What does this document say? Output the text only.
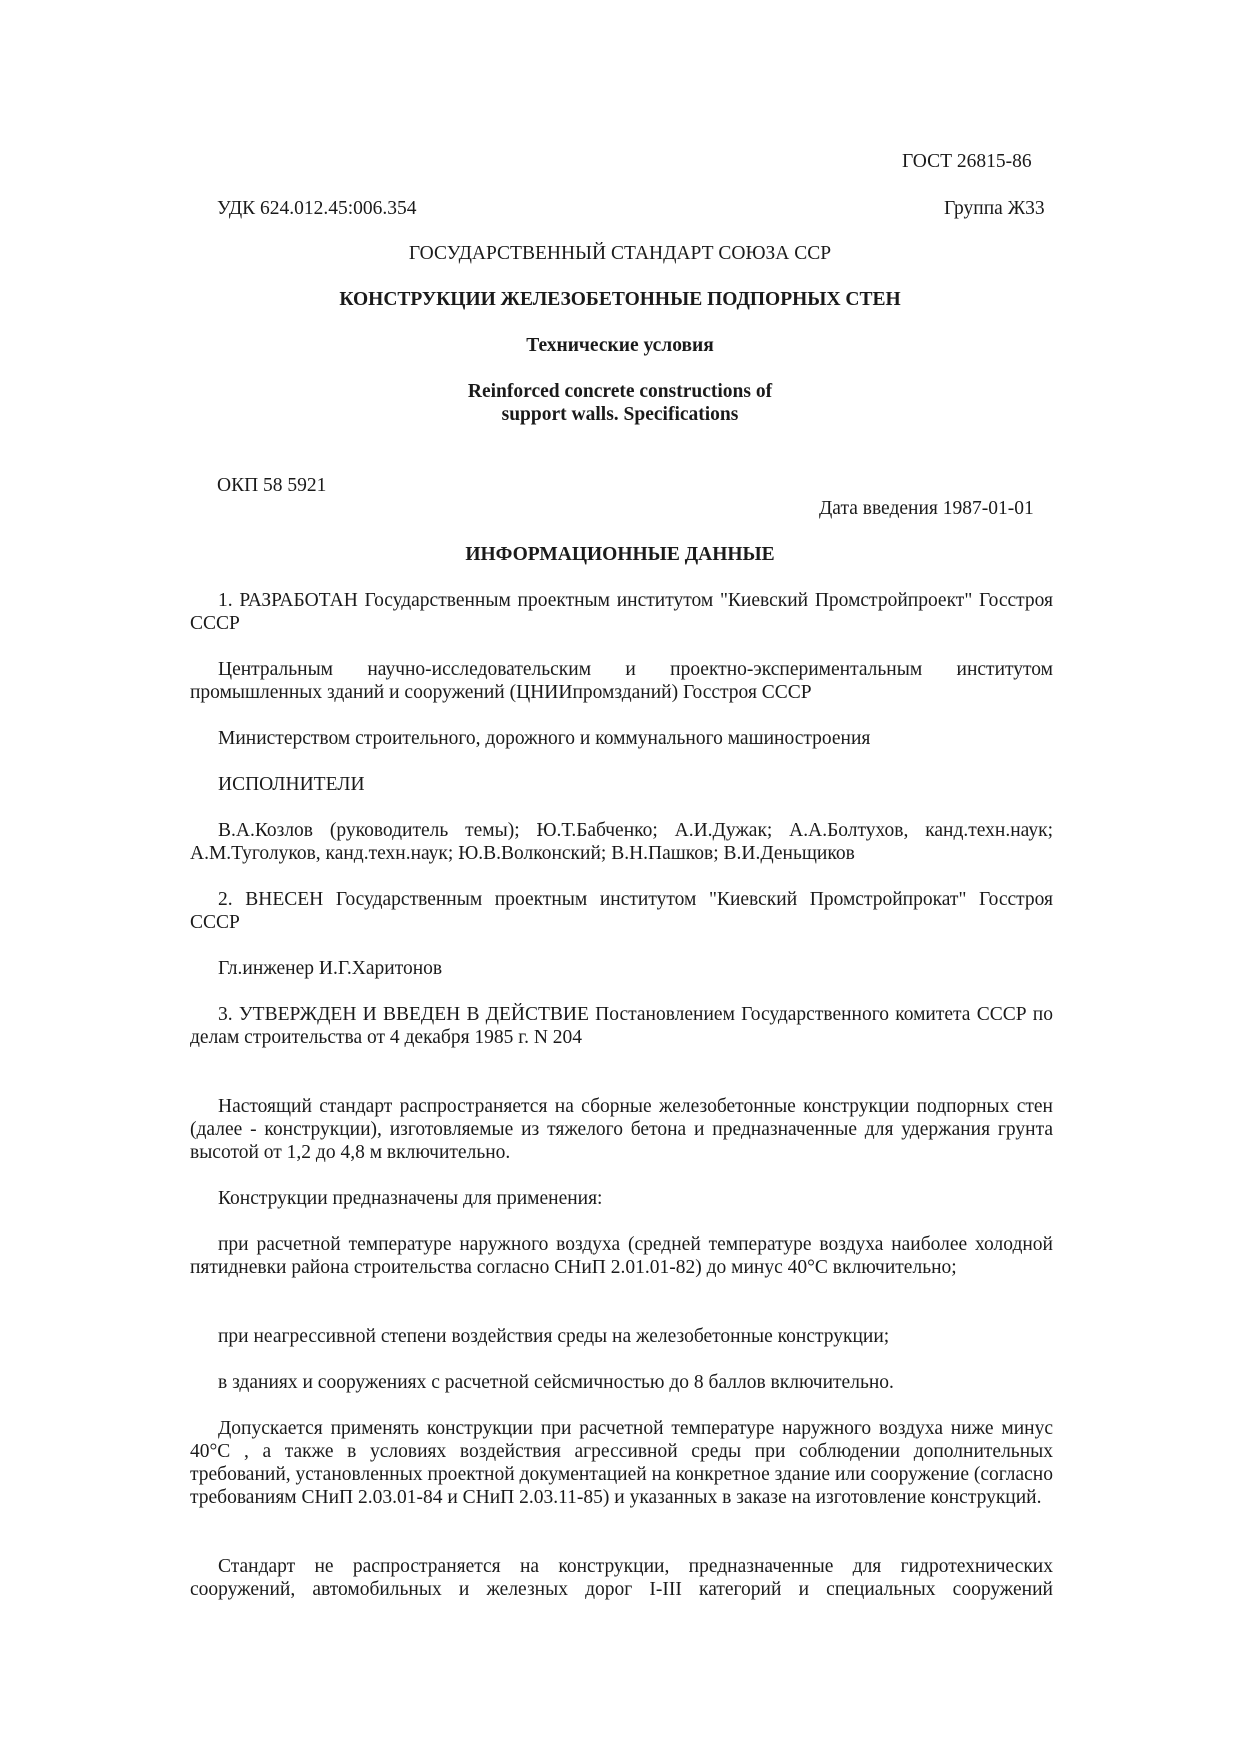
ГОСТ 26815-86
УДК 624.012.45:006.354	Группа Ж33
ГОСУДАРСТВЕННЫЙ СТАНДАРТ СОЮЗА ССР
КОНСТРУКЦИИ ЖЕЛЕЗОБЕТОННЫЕ ПОДПОРНЫХ СТЕН
Технические условия
Reinforced concrete constructions of
support walls. Specifications
ОКП 58 5921
Дата введения 1987-01-01
ИНФОРМАЦИОННЫЕ ДАННЫЕ
1. РАЗРАБОТАН Государственным проектным институтом "Киевский Промстройпроект" Госстроя СССР
Центральным научно-исследовательским и проектно-экспериментальным институтом промышленных зданий и сооружений (ЦНИИпромзданий) Госстроя СССР
Министерством строительного, дорожного и коммунального машиностроения
ИСПОЛНИТЕЛИ
В.А.Козлов (руководитель темы); Ю.Т.Бабченко; А.И.Дужак; А.А.Болтухов, канд.техн.наук; А.М.Туголуков, канд.техн.наук; Ю.В.Волконский; В.Н.Пашков; В.И.Деньщиков
2. ВНЕСЕН Государственным проектным институтом "Киевский Промстройпрокат" Госстроя СССР
Гл.инженер И.Г.Харитонов
3. УТВЕРЖДЕН И ВВЕДЕН В ДЕЙСТВИЕ Постановлением Государственного комитета СССР по делам строительства от 4 декабря 1985 г. N 204
Настоящий стандарт распространяется на сборные железобетонные конструкции подпорных стен (далее - конструкции), изготовляемые из тяжелого бетона и предназначенные для удержания грунта высотой от 1,2 до 4,8 м включительно.
Конструкции предназначены для применения:
при расчетной температуре наружного воздуха (средней температуре воздуха наиболее холодной пятидневки района строительства согласно СНиП 2.01.01-82) до минус 40°С включительно;
при неагрессивной степени воздействия среды на железобетонные конструкции;
в зданиях и сооружениях с расчетной сейсмичностью до 8 баллов включительно.
Допускается применять конструкции при расчетной температуре наружного воздуха ниже минус 40°С , а также в условиях воздействия агрессивной среды при соблюдении дополнительных требований, установленных проектной документацией на конкретное здание или сооружение (согласно требованиям СНиП 2.03.01-84 и СНиП 2.03.11-85) и указанных в заказе на изготовление конструкций.
Стандарт не распространяется на конструкции, предназначенные для гидротехнических сооружений, автомобильных и железных дорог I-III категорий и специальных сооружений
